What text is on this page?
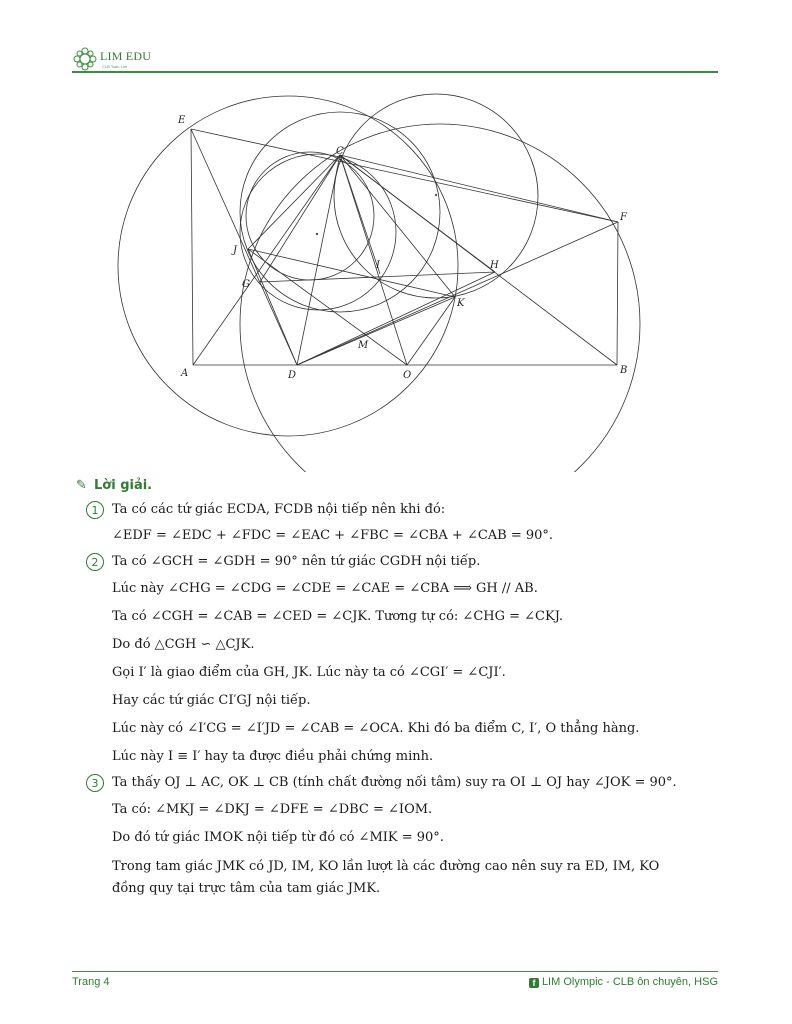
LIM EDU
CLB Toán Lim
E
C
F
J
I	H
G
K
M
A	D	O	B
✎ Lời giải.
1	Ta có các tứ giác ECDA, FCDB nội tiếp nên khi đó:
∠EDF = ∠EDC + ∠FDC = ∠EAC + ∠FBC = ∠CBA + ∠CAB = 90°.
2	Ta có ∠GCH = ∠GDH = 90° nên tứ giác CGDH nội tiếp.
Lúc này ∠CHG = ∠CDG = ∠CDE = ∠CAE = ∠CBA ⟹ GH // AB.
Ta có ∠CGH = ∠CAB = ∠CED = ∠CJK. Tương tự có: ∠CHG = ∠CKJ.
Do đó △CGH ∽ △CJK.
Gọi I′ là giao điểm của GH, JK. Lúc này ta có ∠CGI′ = ∠CJI′.
Hay các tứ giác CI′GJ nội tiếp.
Lúc này có ∠I′CG = ∠I′JD = ∠CAB = ∠OCA. Khi đó ba điểm C, I′, O thẳng hàng.
Lúc này I ≡ I′ hay ta được điều phải chứng minh.
3	Ta thấy OJ ⊥ AC, OK ⊥ CB (tính chất đường nối tâm) suy ra OI ⊥ OJ hay ∠JOK = 90°.
Ta có: ∠MKJ = ∠DKJ = ∠DFE = ∠DBC = ∠IOM.
Do đó tứ giác IMOK nội tiếp từ đó có ∠MIK = 90°.
Trong tam giác JMK có JD, IM, KO lần lượt là các đường cao nên suy ra ED, IM, KO
đồng quy tại trực tâm của tam giác JMK.
Trang 4	f LIM Olympic - CLB ôn chuyên, HSG
